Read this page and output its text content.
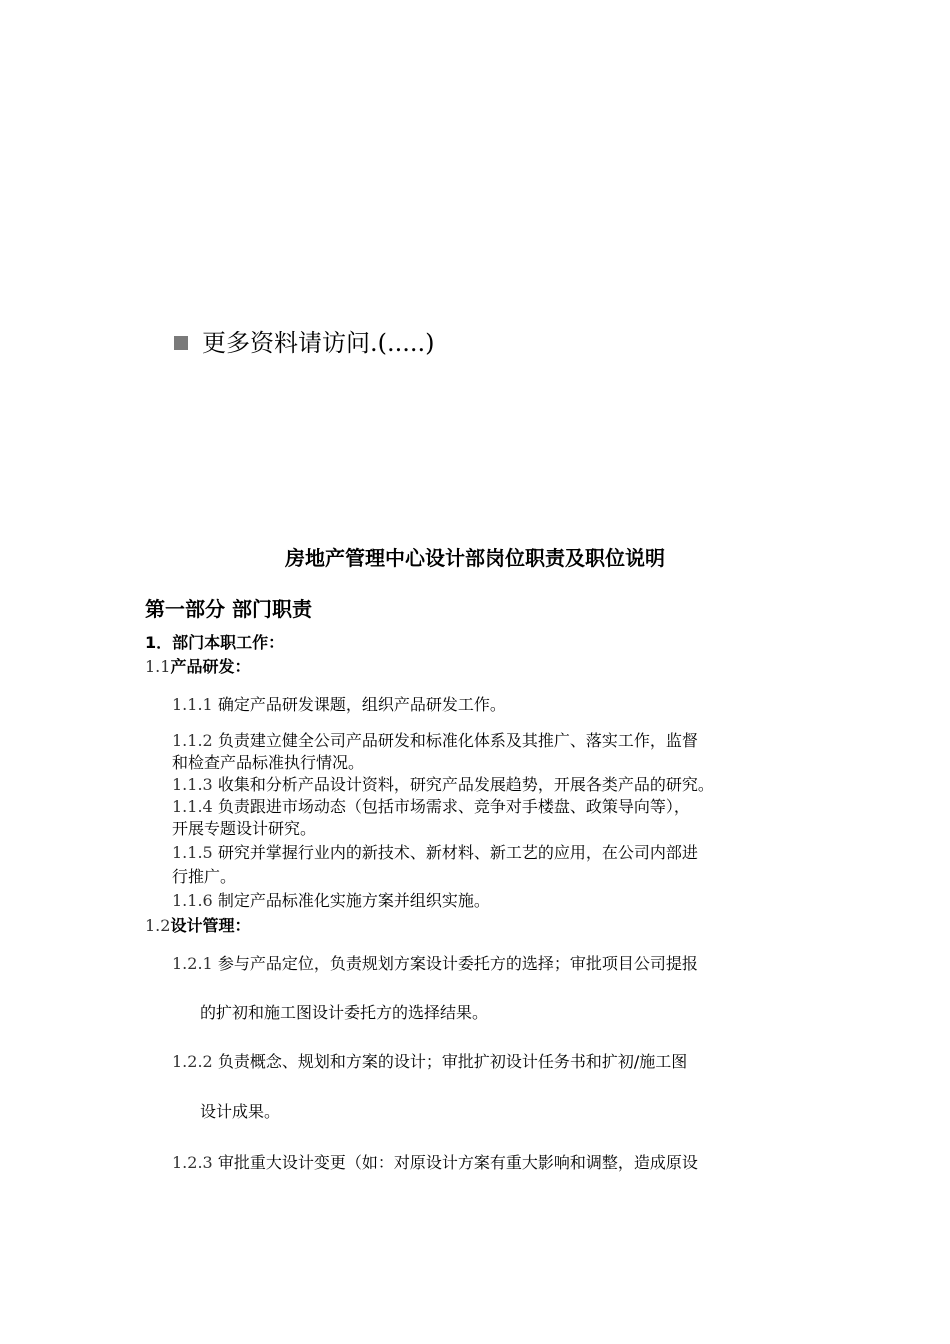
更多资料请访问.(.....)
房地产管理中心设计部岗位职责及职位说明
第一部分 部门职责
1．部门本职工作：
1.1产品研发：
1.1.1 确定产品研发课题，组织产品研发工作。
1.1.2 负责建立健全公司产品研发和标准化体系及其推广、落实工作，监督
和检查产品标准执行情况。
1.1.3 收集和分析产品设计资料，研究产品发展趋势，开展各类产品的研究。
1.1.4 负责跟进市场动态（包括市场需求、竞争对手楼盘、政策导向等），
开展专题设计研究。
1.1.5 研究并掌握行业内的新技术、新材料、新工艺的应用，在公司内部进
行推广。
1.1.6 制定产品标准化实施方案并组织实施。
1.2设计管理：
1.2.1 参与产品定位，负责规划方案设计委托方的选择；审批项目公司提报
的扩初和施工图设计委托方的选择结果。
1.2.2 负责概念、规划和方案的设计；审批扩初设计任务书和扩初/施工图
设计成果。
1.2.3 审批重大设计变更（如：对原设计方案有重大影响和调整，造成原设
